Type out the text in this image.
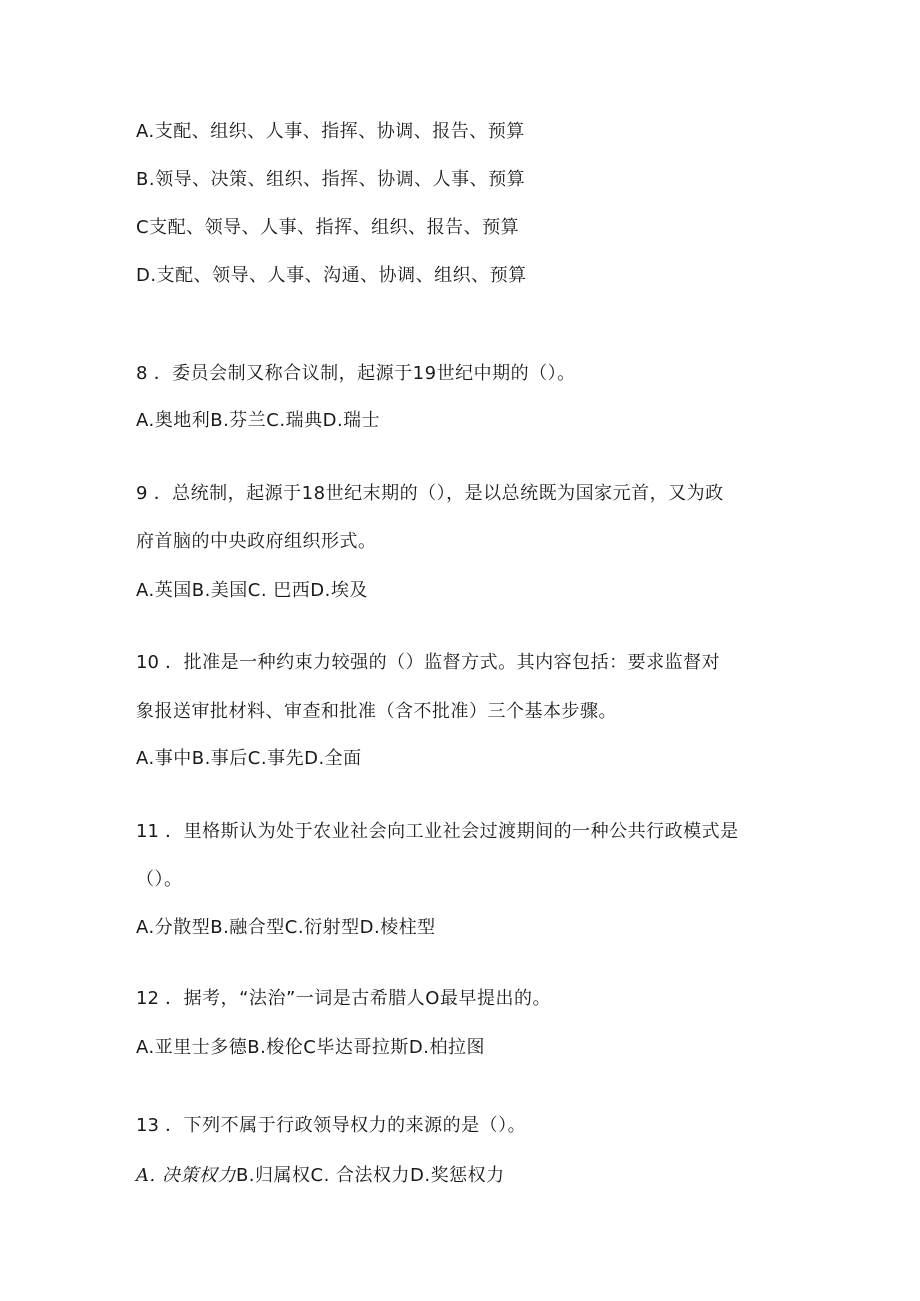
A.支配、组织、人事、指挥、协调、报告、预算
B.领导、决策、组织、指挥、协调、人事、预算
C支配、领导、人事、指挥、组织、报告、预算
D.支配、领导、人事、沟通、协调、组织、预算
8 ．委员会制又称合议制，起源于19世纪中期的（）。
A.奥地利B.芬兰C.瑞典D.瑞士
9 ．总统制，起源于18世纪末期的（），是以总统既为国家元首，又为政
府首脑的中央政府组织形式。
A.英国B.美国C. 巴西D.埃及
10 ．批准是一种约束力较强的（）监督方式。其内容包括：要求监督对
象报送审批材料、审查和批准（含不批准）三个基本步骤。
A.事中B.事后C.事先D.全面
11 ．里格斯认为处于农业社会向工业社会过渡期间的一种公共行政模式是
（）。
A.分散型B.融合型C.衍射型D.棱柱型
12 ．据考，“法治”一词是古希腊人O最早提出的。
A.亚里士多德B.梭伦C毕达哥拉斯D.柏拉图
13 ．下列不属于行政领导权力的来源的是（）。
A. 决策权力B.归属权C. 合法权力D.奖惩权力
